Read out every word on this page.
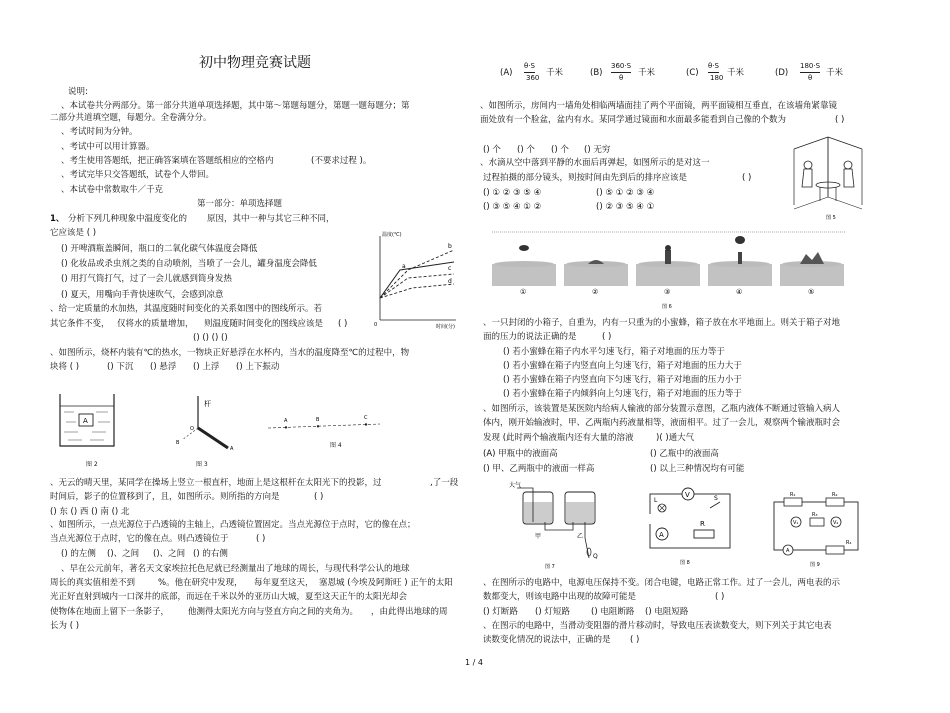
初中物理竞赛试题
说明:
、本试卷共分两部分。第一部分共道单项选择题，其中第～第题每题分，第题一题每题分；第
二部分共道填空题，每题分。全卷满分分。
、考试时间为分钟。
、考试中可以用计算器。
、考生使用答题纸，把正确答案填在答题纸相应的空格内	(不要求过程 )。
、考试完毕只交答题纸，试卷个人带回。
、本试卷中常数取牛／千克
第一部分：单项选择题
1、 分析下列几种现象中温度变化的 原因，其中一种与其它三种不同，
它应该是 ( )
() 开啤酒瓶盖瞬间，瓶口的二氧化碳气体温度会降低
() 化妆品或杀虫剂之类的自动喷剂，当喷了一会儿，罐身温度会降低
() 用打气筒打气，过了一会儿就感到筒身发热
() 夏天，用嘴向手背快速吹气，会感到凉意
、给一定质量的水加热，其温度随时间变化的关系如图中的图线所示。若
其它条件不变， 仅将水的质量增加， 则温度随时间变化的图线应该是 ( )
() () () ()
、如图所示，烧杯内装有℃的热水，一物块正好悬浮在水杯内，当水的温度降至℃的过程中，物
块将 ( )	() 下沉 () 悬浮 () 上浮 () 上下振动
、无云的晴天里，某同学在操场上竖立一根直杆，地面上是这根杆在太阳光下的投影，过	,了一段
时间后，影子的位置移到了，且，如图所示。则所指的方向是	( )
() 东 () 西 () 南 () 北
、如图所示，一点光源位于凸透镜的主轴上，凸透镜位置固定。当点光源位于点时，它的像在点；
当点光源位于点时，它的像在点。则凸透镜位于	( )
() 的左侧 ()、之间 ()、之间 () 的右侧
、早在公元前年，著名天文家埃拉托色尼就已经测量出了地球的周长，与现代科学公认的地球
周长的真实值相差不到	%。他在研究中发现， 每年夏至这天， 塞恩城 (今埃及阿斯旺 ) 正午的太阳
光正好直射到城内一口深井的底部，而远在千米以外的亚历山大城，夏至这天正午的太阳光却会
使物体在地面上留下一条影子， 他测得太阳光方向与竖直方向之间的夹角为。 ，由此得出地球的周
长为 ( )
温度(℃)
时间(分)
0
b
a	c
d
A
图 2
杆
O
A
B
图 3
A	B	C
图 4
(A)
θ·S
360 千米	(B)
360·S
θ 千米	(C)
θ·S
180 千米	(D)
180·S
θ 千米
、如图所示，房间内一墙角处相临两墙面挂了两个平面镜，两平面镜相互垂直，在该墙角紧靠镜
面处放有一个脸盆，盆内有水。某同学通过镜面和水面最多能看到自己像的个数为	( )
() 个 () 个 () 个 () 无穷
、水滴从空中落到平静的水面后再弹起，如图所示的是对这一
过程拍摄的部分镜头，则按时间由先到后的排序应该是	( )
() ① ② ③ ⑤ ④	() ⑤ ① ② ③ ④
() ③ ⑤ ④ ① ②	() ② ③ ⑤ ④ ①
、一只封闭的小箱子，自重为，内有一只重为的小蜜蜂，箱子放在水平地面上。则关于箱子对地
面的压力的说法正确的是	( )
() 若小蜜蜂在箱子内水平匀速飞行，箱子对地面的压力等于
() 若小蜜蜂在箱子内竖直向上匀速飞行，箱子对地面的压力大于
() 若小蜜蜂在箱子内竖直向下匀速飞行，箱子对地面的压力小于
() 若小蜜蜂在箱子内倾斜向上匀速飞行，箱子对地面的压力等于
、如图所示，该装置是某医院内给病人输液的部分装置示意图，乙瓶内液体不断通过管输入病人
体内，刚开始输液时，甲、乙两瓶内药液量相等，液面相平。过了一会儿，观察两个输液瓶时会
发现 (此时两个输液瓶内还有大量的溶液	)( )通大气
(A) 甲瓶中的液面高	() 乙瓶中的液面高
() 甲、乙两瓶中的液面一样高	() 以上三种情况均有可能
、在图所示的电路中，电源电压保持不变。闭合电键，电路正常工作。过了一会儿，两电表的示
数都变大，则该电路中出现的故障可能是	( )
() 灯断路 () 灯短路 () 电阻断路 () 电阻短路
、在图示的电路中，当滑动变阻器的滑片移动时，导致电压表读数变大，则下列关于其它电表
读数变化情况的说法中，正确的是 ( )
图 5
①	②	③	④	⑤
图 6
大气
甲	乙
Q
图 7
V
L	S
A
R
图 8
R₁	R₂
V₁	V₂
R₃
A
R₄
图 9
1 / 4
